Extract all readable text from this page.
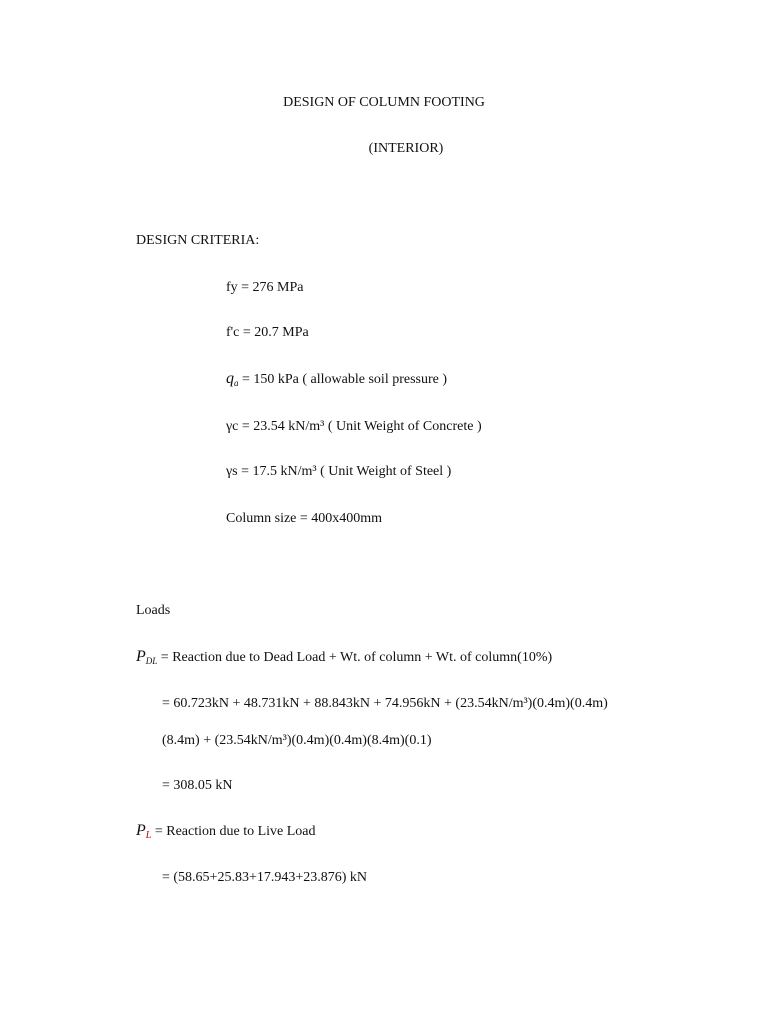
DESIGN OF COLUMN FOOTING
(INTERIOR)
DESIGN CRITERIA:
fy = 276 MPa
f'c = 20.7 MPa
$q_a = 150$ kPa ( allowable soil pressure )
γc = 23.54 kN/m³ ( Unit Weight of Concrete )
γs = 17.5 kN/m³ ( Unit Weight of Steel )
Column size = 400x400mm
Loads
$P_{DL}$ = Reaction due to Dead Load + Wt. of column + Wt. of column(10%)
= 60.723kN + 48.731kN + 88.843kN + 74.956kN + (23.54kN/m³)(0.4m)(0.4m)
(8.4m) + (23.54kN/m³)(0.4m)(0.4m)(8.4m)(0.1)
= 308.05 kN
$P_L$ = Reaction due to Live Load
= (58.65+25.83+17.943+23.876) kN
